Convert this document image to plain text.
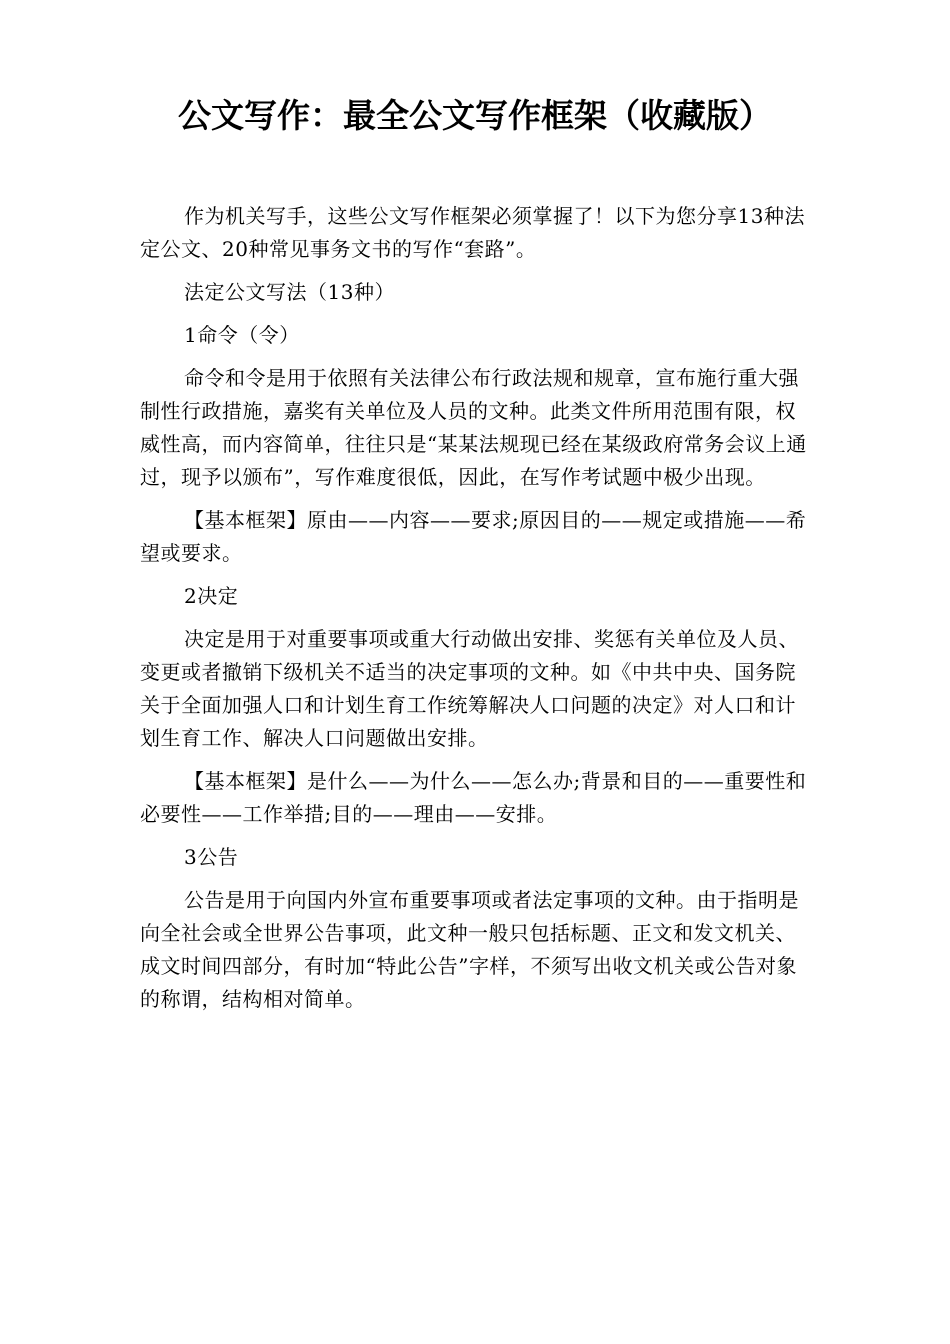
公文写作：最全公文写作框架（收藏版）

作为机关写手，这些公文写作框架必须掌握了！以下为您分享13种法定公文、20种常见事务文书的写作“套路”。

法定公文写法（13种）

1命令（令）

命令和令是用于依照有关法律公布行政法规和规章，宣布施行重大强制性行政措施，嘉奖有关单位及人员的文种。此类文件所用范围有限，权威性高，而内容简单，往往只是“某某法规现已经在某级政府常务会议上通过，现予以颁布”，写作难度很低，因此，在写作考试题中极少出现。

【基本框架】原由——内容——要求;原因目的——规定或措施——希望或要求。

2决定

决定是用于对重要事项或重大行动做出安排、奖惩有关单位及人员、变更或者撤销下级机关不适当的决定事项的文种。如《中共中央、国务院关于全面加强人口和计划生育工作统筹解决人口问题的决定》对人口和计划生育工作、解决人口问题做出安排。

【基本框架】是什么——为什么——怎么办;背景和目的——重要性和必要性——工作举措;目的——理由——安排。

3公告

公告是用于向国内外宣布重要事项或者法定事项的文种。由于指明是向全社会或全世界公告事项，此文种一般只包括标题、正文和发文机关、成文时间四部分，有时加“特此公告”字样，不须写出收文机关或公告对象的称谓，结构相对简单。
